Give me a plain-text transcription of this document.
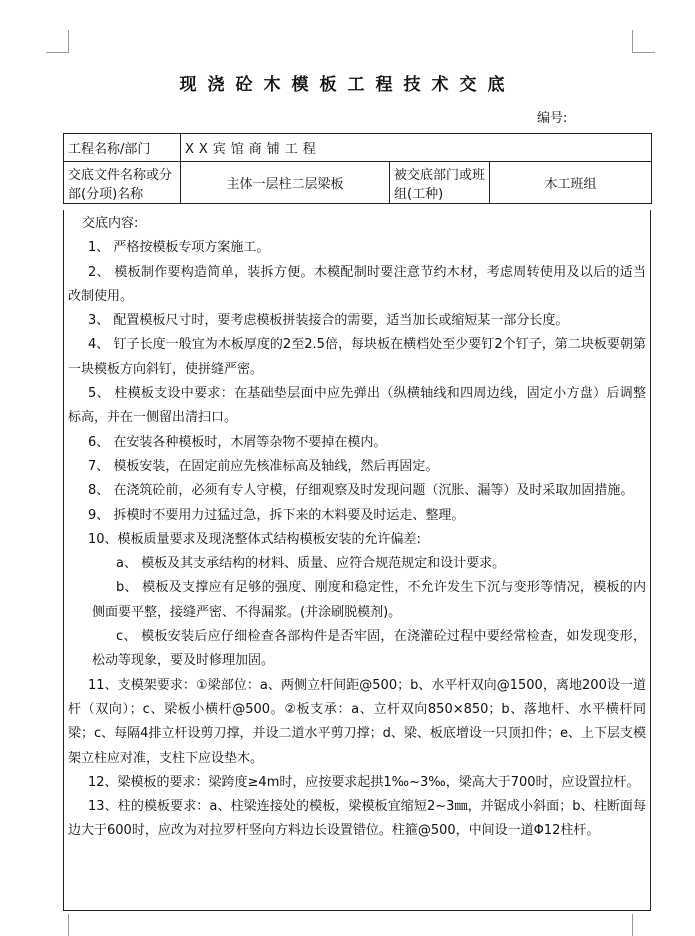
现浇砼木模板工程技术交底
编号:
工程名称/部门	XX宾馆商铺工程		
交底文件名称或分部(分项)名称	主体一层柱二层梁板	被交底部门或班组(工种)	木工班组

交底内容:

1、 严格按模板专项方案施工。

2、 模板制作要构造简单，装拆方便。木模配制时要注意节约木材，考虑周转使用及以后的适当改制使用。

3、 配置模板尺寸时，要考虑模板拼装接合的需要，适当加长或缩短某一部分长度。

4、 钉子长度一般宜为木板厚度的2至2.5倍，每块板在横档处至少要钉2个钉子，第二块板要朝第一块模板方向斜钉，使拼缝严密。

5、 柱模板支设中要求：在基础垫层面中应先弹出（纵横轴线和四周边线，固定小方盘）后调整标高，并在一侧留出清扫口。

6、 在安装各种模板时，木屑等杂物不要掉在模内。

7、 模板安装，在固定前应先核准标高及轴线，然后再固定。

8、 在浇筑砼前，必须有专人守模，仔细观察及时发现问题（沉胀、漏等）及时采取加固措施。

9、 拆模时不要用力过猛过急，拆下来的木料要及时运走、整理。

10、模板质量要求及现浇整体式结构模板安装的允许偏差:

a、 模板及其支承结构的材料、质量、应符合规范规定和设计要求。

b、 模板及支撑应有足够的强度、刚度和稳定性，不允许发生下沉与变形等情况，模板的内侧面要平整，接缝严密、不得漏浆。(并涂刷脱模剂)。

c、 模板安装后应仔细检查各部构件是否牢固，在浇灌砼过程中要经常检查，如发现变形，松动等现象，要及时修理加固。

11、支模架要求：①梁部位：a、两侧立杆间距@500；b、水平杆双向@1500，离地200设一道杆（双向）；c、梁板小横杆@500。②板支承：a、立杆双向850×850；b、落地杆、水平横杆同梁；c、每隔4排立杆设剪刀撑，并设二道水平剪刀撑；d、梁、板底增设一只顶扣件；e、上下层支模架立柱应对准，支柱下应设垫木。

12、梁模板的要求：梁跨度≥4m时，应按要求起拱1‰~3‰，梁高大于700时，应设置拉杆。

13、柱的模板要求：a、柱梁连接处的模板，梁模板宜缩短2~3㎜，并锯成小斜面；b、柱断面每边大于600时，应改为对拉罗杆竖向方料边长设置错位。柱箍@500，中间设一道Φ12柱杆。
